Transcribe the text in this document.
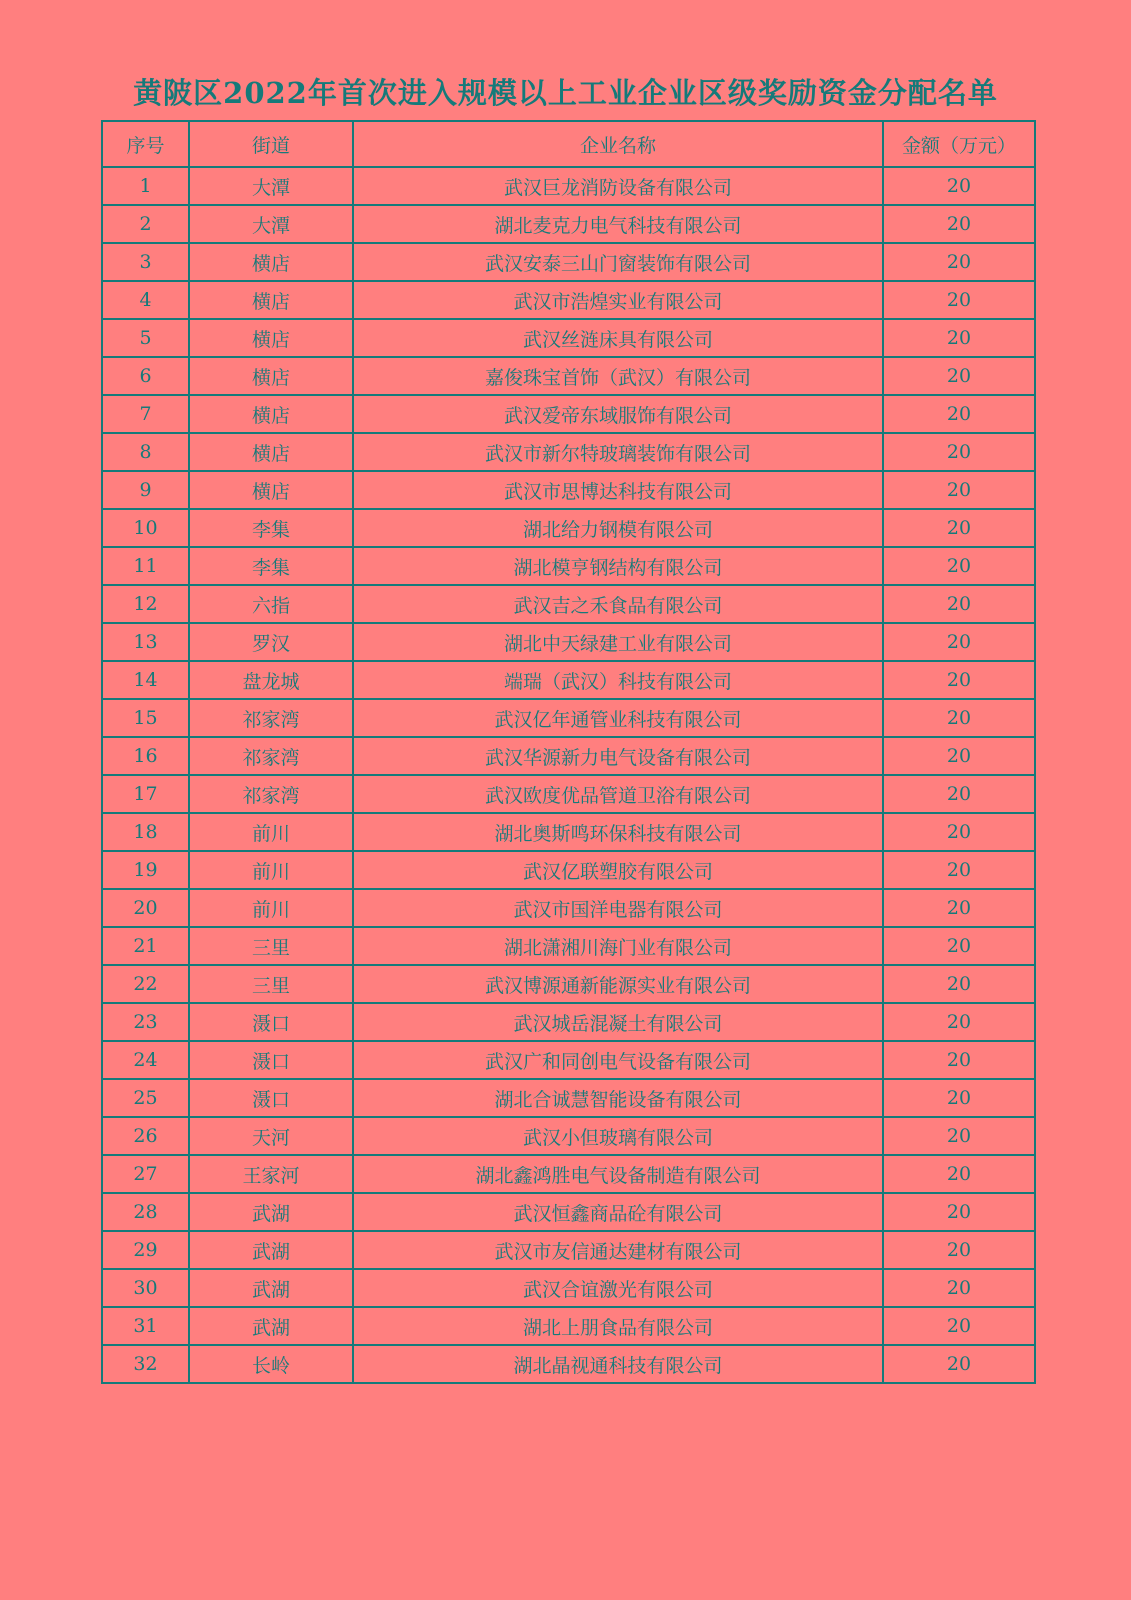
黄陂区2022年首次进入规模以上工业企业区级奖励资金分配名单
序号	街道	企业名称	金额（万元）
1	大潭	武汉巨龙消防设备有限公司	20
2	大潭	湖北麦克力电气科技有限公司	20
3	横店	武汉安泰三山门窗装饰有限公司	20
4	横店	武汉市浩煌实业有限公司	20
5	横店	武汉丝涟床具有限公司	20
6	横店	嘉俊珠宝首饰（武汉）有限公司	20
7	横店	武汉爱帝东域服饰有限公司	20
8	横店	武汉市新尔特玻璃装饰有限公司	20
9	横店	武汉市思博达科技有限公司	20
10	李集	湖北给力钢模有限公司	20
11	李集	湖北模亨钢结构有限公司	20
12	六指	武汉吉之禾食品有限公司	20
13	罗汉	湖北中天绿建工业有限公司	20
14	盘龙城	端瑞（武汉）科技有限公司	20
15	祁家湾	武汉亿年通管业科技有限公司	20
16	祁家湾	武汉华源新力电气设备有限公司	20
17	祁家湾	武汉欧度优品管道卫浴有限公司	20
18	前川	湖北奥斯鸣环保科技有限公司	20
19	前川	武汉亿联塑胶有限公司	20
20	前川	武汉市国洋电器有限公司	20
21	三里	湖北潇湘川海门业有限公司	20
22	三里	武汉博源通新能源实业有限公司	20
23	滠口	武汉城岳混凝土有限公司	20
24	滠口	武汉广和同创电气设备有限公司	20
25	滠口	湖北合诚慧智能设备有限公司	20
26	天河	武汉小但玻璃有限公司	20
27	王家河	湖北鑫鸿胜电气设备制造有限公司	20
28	武湖	武汉恒鑫商品砼有限公司	20
29	武湖	武汉市友信通达建材有限公司	20
30	武湖	武汉合谊激光有限公司	20
31	武湖	湖北上朋食品有限公司	20
32	长岭	湖北晶视通科技有限公司	20
